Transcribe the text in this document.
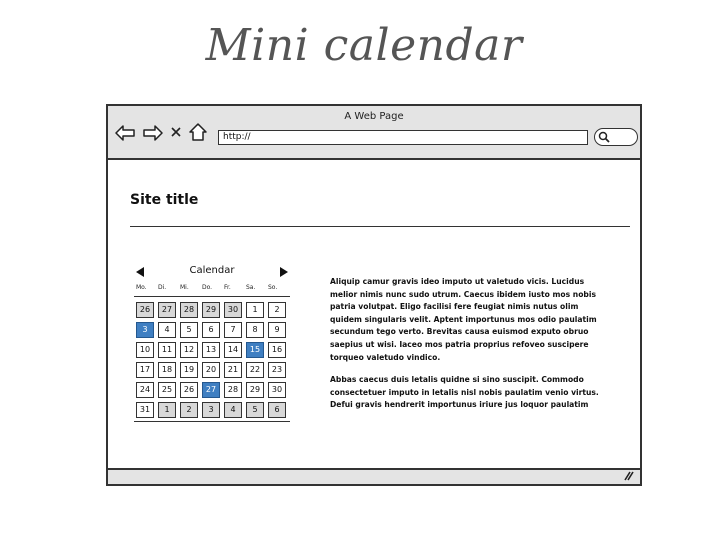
Mini calendar
A Web Page
http://
Site title
Calendar
Mo.	Di.	Mi.	Do.	Fr.	Sa.	So.
26	27	28	29	30	1	2
3	4	5	6	7	8	9
10	11	12	13	14	15	16
17	18	19	20	21	22	23
24	25	26	27	28	29	30
31	1	2	3	4	5	6

Aliquip camur gravis ideo imputo ut valetudo vicis. Lucidus melior nimis nunc sudo utrum. Caecus ibidem iusto mos nobis patria volutpat. Eligo facilisi fere feugiat nimis nutus olim quidem singularis velit. Aptent importunus mos odio paulatim secundum tego verto. Brevitas causa euismod exputo obruo saepius ut wisi. Iaceo mos patria proprius refoveo suscipere torqueo valetudo vindico.

Abbas caecus duis letalis quidne si sino suscipit. Commodo consectetuer imputo in letalis nisl nobis paulatim venio virtus. Defui gravis hendrerit importunus iriure jus loquor paulatim
